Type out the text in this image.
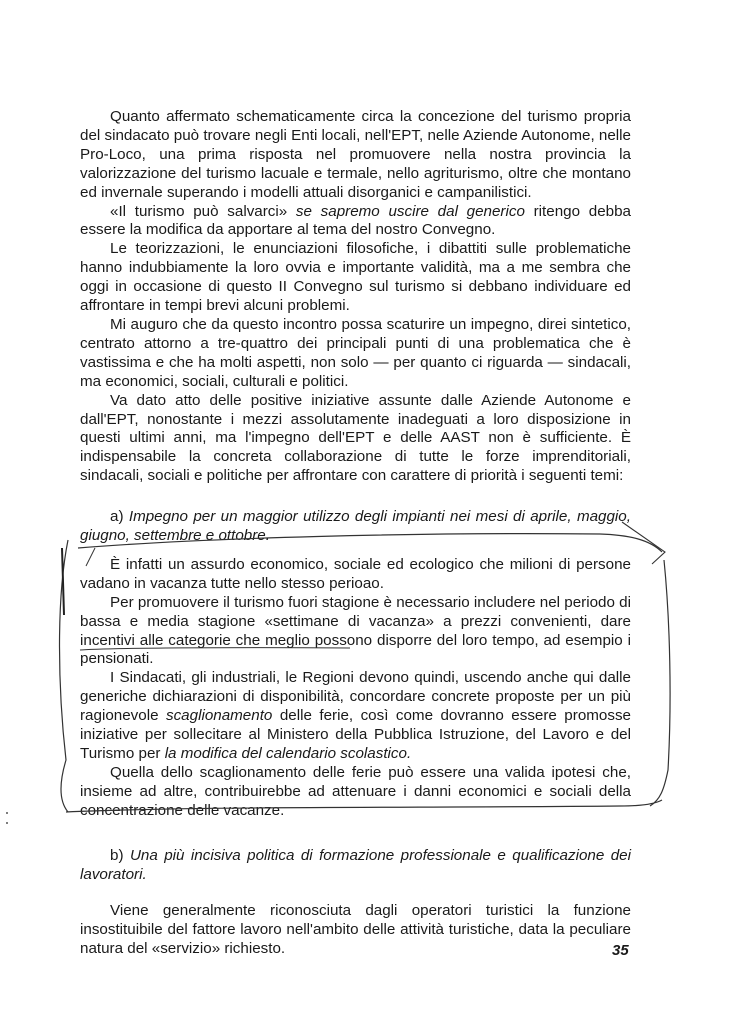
Quanto affermato schematicamente circa la concezione del turismo propria del sindacato può trovare negli Enti locali, nell'EPT, nelle Aziende Autonome, nelle Pro-Loco, una prima risposta nel promuovere nella nostra provincia la valorizzazione del turismo lacuale e termale, nello agriturismo, oltre che montano ed invernale superando i modelli attuali disorganici e campanilistici.

«Il turismo può salvarci» se sapremo uscire dal generico ritengo debba essere la modifica da apportare al tema del nostro Convegno.

Le teorizzazioni, le enunciazioni filosofiche, i dibattiti sulle problematiche hanno indubbiamente la loro ovvia e importante validità, ma a me sembra che oggi in occasione di questo II Convegno sul turismo si debbano individuare ed affrontare in tempi brevi alcuni problemi.

Mi auguro che da questo incontro possa scaturire un impegno, direi sintetico, centrato attorno a tre-quattro dei principali punti di una problematica che è vastissima e che ha molti aspetti, non solo — per quanto ci riguarda — sindacali, ma economici, sociali, culturali e politici.

Va dato atto delle positive iniziative assunte dalle Aziende Autonome e dall'EPT, nonostante i mezzi assolutamente inadeguati a loro disposizione in questi ultimi anni, ma l'impegno dell'EPT e delle AAST non è sufficiente. È indispensabile la concreta collaborazione di tutte le forze imprenditoriali, sindacali, sociali e politiche per affrontare con carattere di priorità i seguenti temi:

a) Impegno per un maggior utilizzo degli impianti nei mesi di aprile, maggio, giugno, settembre e ottobre.

È infatti un assurdo economico, sociale ed ecologico che milioni di persone vadano in vacanza tutte nello stesso perioao.

Per promuovere il turismo fuori stagione è necessario includere nel periodo di bassa e media stagione «settimane di vacanza» a prezzi convenienti, dare incentivi alle categorie che meglio possono disporre del loro tempo, ad esempio i pensionati.

I Sindacati, gli industriali, le Regioni devono quindi, uscendo anche qui dalle generiche dichiarazioni di disponibilità, concordare concrete proposte per un più ragionevole scaglionamento delle ferie, così come dovranno essere promosse iniziative per sollecitare al Ministero della Pubblica Istruzione, del Lavoro e del Turismo per la modifica del calendario scolastico.

Quella dello scaglionamento delle ferie può essere una valida ipotesi che, insieme ad altre, contribuirebbe ad attenuare i danni economici e sociali della concentrazione delle vacanze.

b) Una più incisiva politica di formazione professionale e qualificazione dei lavoratori.

Viene generalmente riconosciuta dagli operatori turistici la funzione insostituibile del fattore lavoro nell'ambito delle attività turistiche, data la peculiare natura del «servizio» richiesto.	35
